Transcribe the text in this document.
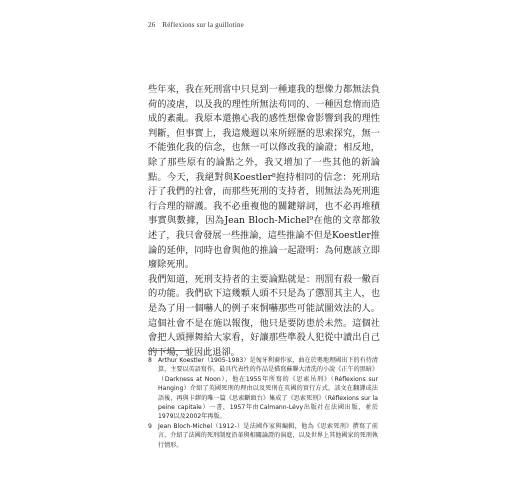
26 Réflexions sur la guillotine

些年來，我在死刑當中只見到一種連我的想像力都無法負荷的凌虐，以及我的理性所無法苟同的、一種因怠惰而造成的紊亂。我原本還擔心我的感性想像會影響到我的理性判斷，但事實上，我這幾週以來所經歷的思索探究，無一不能強化我的信念，也無一可以修改我的論證；相反地，除了那些原有的論點之外，我又增加了一些其他的新論點。今天，我絕對與Koestler⁸抱持相同的信念：死刑玷汙了我們的社會，而那些死刑的支持者，則無法為死刑進行合理的辯護。我不必重複他的關鍵辯詞，也不必再堆積事實與數據，因為Jean Bloch-Michel⁹在他的文章都敘述了，我只會發展一些推論，這些推論不但是Koestler推論的延伸，同時也會與他的推論一起證明：為何應該立即廢除死刑。

我們知道，死刑支持者的主要論點就是：刑罰有殺一儆百的功能。我們砍下這幾顆人頭不只是為了懲罰其主人，也是為了用一個嚇人的例子來恫嚇那些可能試圖效法的人。這個社會不是在施以報復，他只是要防患於未然。這個社會把人頭揮舞給大家看，好讓那些準殺人犯從中讀出自己的下場，並因此退卻。

8	Arthur Koestler（1905-1983）是匈牙利裔作家，曲在於奧地理國出下的有待清算，主要以英語寫作，最具代表性的作品是描寫蘇聯大清洗的小說《正午的黑暗》（Darkness at Noon），他在1955年所寫的《思索吊刑》（Réflexions sur Hanging）介紹了英國死刑的理由以及死刑在英國的實行方式，該文在翻譯成法語後，再與卡繆的唯一篇《思索斷頭台》集成了《思索死刑》（Réflexions sur la peine capitale）一書，1957年由Calmann-Lévy出版社在法國出版，並於1979以及2002年再版。
9	Jean Bloch-Michel（1912-）是法國作家與編輯，他為《思索死刑》撰寫了前言，介紹了法國的死刑制度沿革與相關論證的演進，以及世界上其他國家的死刑執行情形。
